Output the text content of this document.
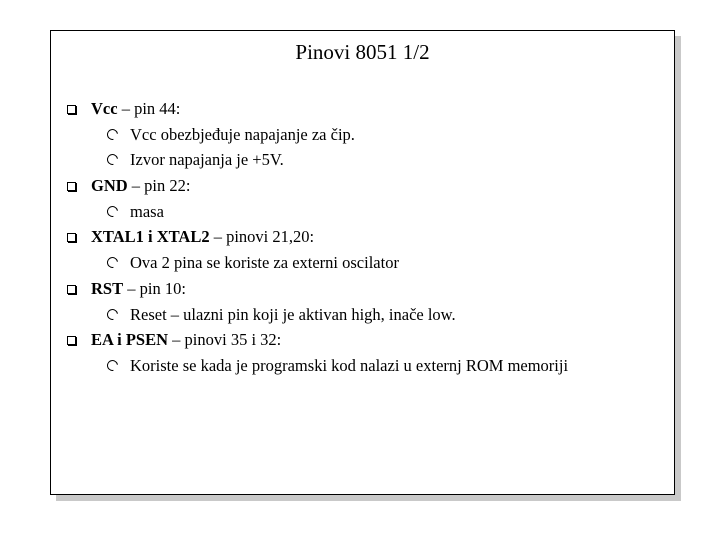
Pinovi 8051 1/2
Vcc – pin 44:
Vcc obezbjeđuje napajanje za čip.
Izvor napajanja je +5V.
GND – pin 22:
masa
XTAL1 i XTAL2 – pinovi 21,20:
Ova 2 pina se koriste za externi oscilator
RST – pin 10:
Reset – ulazni pin koji je aktivan high, inače low.
EA i PSEN – pinovi 35 i 32:
Koriste se kada je programski kod nalazi u externj ROM memoriji
